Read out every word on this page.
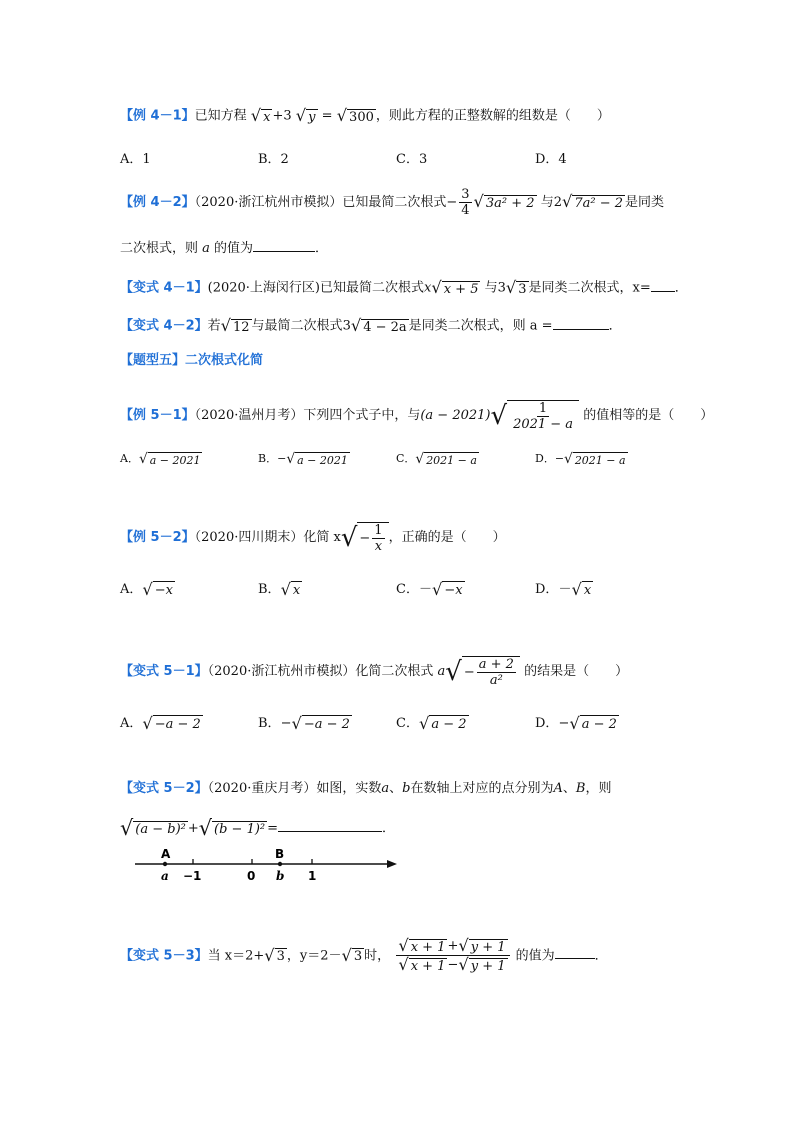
【例 4－1】已知方程 √ x +3 √ y = √ 300 ，则此方程的正整数解的组数是（　　）
A．1	B．2	C．3	D．4
【例 4－2】（2020·浙江杭州市模拟）已知最简二次根式− $\frac{3}{4}$ √ 3a² + 2 与2√ 7a² − 2 是同类
二次根式，则 a 的值为	．
【变式 4－1】(2020·上海闵行区)已知最简二次根式x√ x + 5 与3√ 3 是同类二次根式，x= ．
【变式 4－2】若√ 12 与最简二次根式3√ 4 − 2a 是同类二次根式，则 a =	．
【题型五】二次根式化简
【例 5－1】（2020·温州月考）下列四个式子中，与$(a - 2021)√ \frac{1}{2021 - a}$ 的值相等的是（　　）
A．√ a − 2021	B．−√ a − 2021	C．√ 2021 − a	D．−√ 2021 − a
【例 5－2】（2020·四川期末）化简 $x√ - \frac{1}{x}$ ，正确的是（　　）
A．√ −x	B．√ x	C．－√ −x	D．－√ x
【变式 5－1】（2020·浙江杭州市模拟）化简二次根式 $a√ - \frac{a + 2}{\text{a²}}$ 的结果是（　　）
A．√ −a − 2	B．−√ −a − 2	C．√ a − 2	D．−√ a − 2
【变式 5－2】（2020·重庆月考）如图，实数a、b在数轴上对应的点分别为A、B，则
√ (a − b)² +√ (b − 1)² =	．
A	B
a −1	0 b 1
【变式 5－3】当 x＝2+√ 3 ，y＝2－√ 3 时， $\frac{√ x + 1 +√ y + 1}{√ x + 1 -√ y + 1}$ 的值为	．
